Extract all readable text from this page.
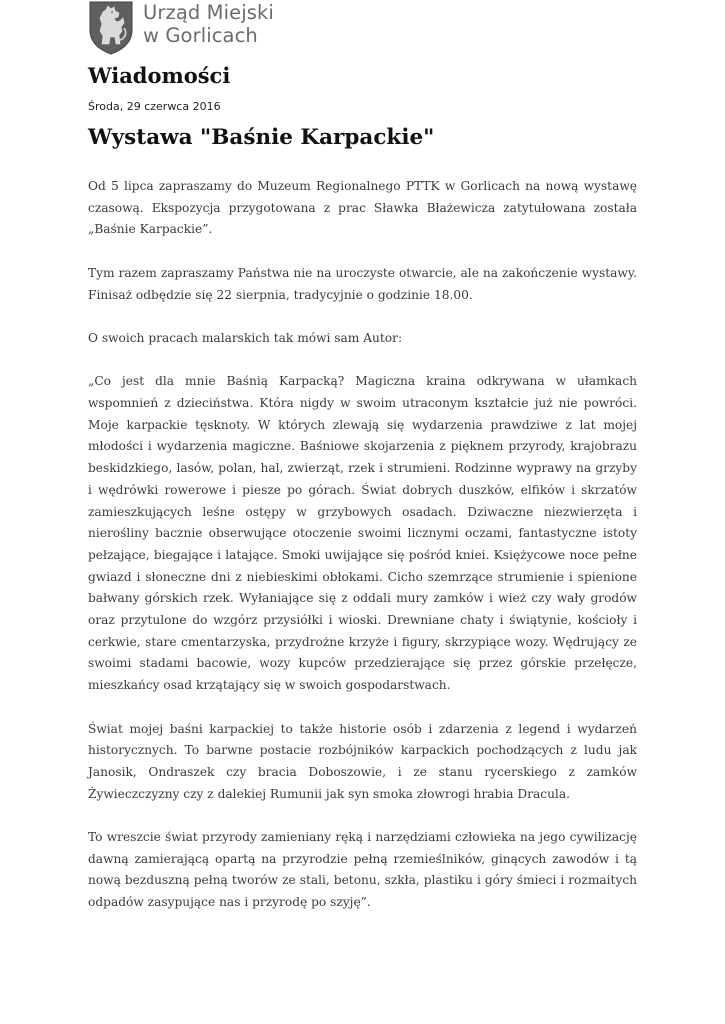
Urząd Miejski
w Gorlicach
Wiadomości

Środa, 29 czerwca 2016

Wystawa "Baśnie Karpackie"

Od 5 lipca zapraszamy do Muzeum Regionalnego PTTK w Gorlicach na nową wystawę czasową. Ekspozycja przygotowana z prac Sławka Błażewicza zatytułowana została „Baśnie Karpackie”.

Tym razem zapraszamy Państwa nie na uroczyste otwarcie, ale na zakończenie wystawy. Finisaż odbędzie się 22 sierpnia, tradycyjnie o godzinie 18.00.

O swoich pracach malarskich tak mówi sam Autor:

„Co jest dla mnie Baśnią Karpacką? Magiczna kraina odkrywana w ułamkach wspomnień z dzieciństwa. Która nigdy w swoim utraconym kształcie już nie powróci. Moje karpackie tęsknoty. W których zlewają się wydarzenia prawdziwe z lat mojej młodości i wydarzenia magiczne. Baśniowe skojarzenia z pięknem przyrody, krajobrazu beskidzkiego, lasów, polan, hal, zwierząt, rzek i strumieni. Rodzinne wyprawy na grzyby i wędrówki rowerowe i piesze po górach. Świat dobrych duszków, elfików i skrzatów zamieszkujących leśne ostępy w grzybowych osadach. Dziwaczne niezwierzęta i nierośliny bacznie obserwujące otoczenie swoimi licznymi oczami, fantastyczne istoty pełzające, biegające i latające. Smoki uwijające się pośród knieі. Księżycowe noce pełne gwiazd i słoneczne dni z niebieskimi obłokami. Cicho szemrzące strumienie i spienione bałwany górskich rzek. Wyłaniające się z oddali mury zamków i wież czy wały grodów oraz przytulone do wzgórz przysiółki i wioski. Drewniane chaty i świątynie, kościoły i cerkwie, stare cmentarzyska, przydrożne krzyże i figury, skrzypiące wozy. Wędrujący ze swoimi stadami bacowie, wozy kupców przedzierające się przez górskie przełęcze, mieszkańcy osad krzątający się w swoich gospodarstwach.

Świat mojej baśni karpackiej to także historie osób i zdarzenia z legend i wydarzeń historycznych. To barwne postacie rozbójników karpackich pochodzących z ludu jak Janosik, Ondraszek czy bracia Doboszowie, i ze stanu rycerskiego z zamków Żywieczczyzny czy z dalekiej Rumunii jak syn smoka złowrogi hrabia Dracula.

To wreszcie świat przyrody zamieniany ręką i narzędziami człowieka na jego cywilizację dawną zamierającą opartą na przyrodzie pełną rzemieślników, ginących zawodów i tą nową bezduszną pełną tworów ze stali, betonu, szkła, plastiku i góry śmieci i rozmaitych odpadów zasypujące nas i przyrodę po szyję”.
